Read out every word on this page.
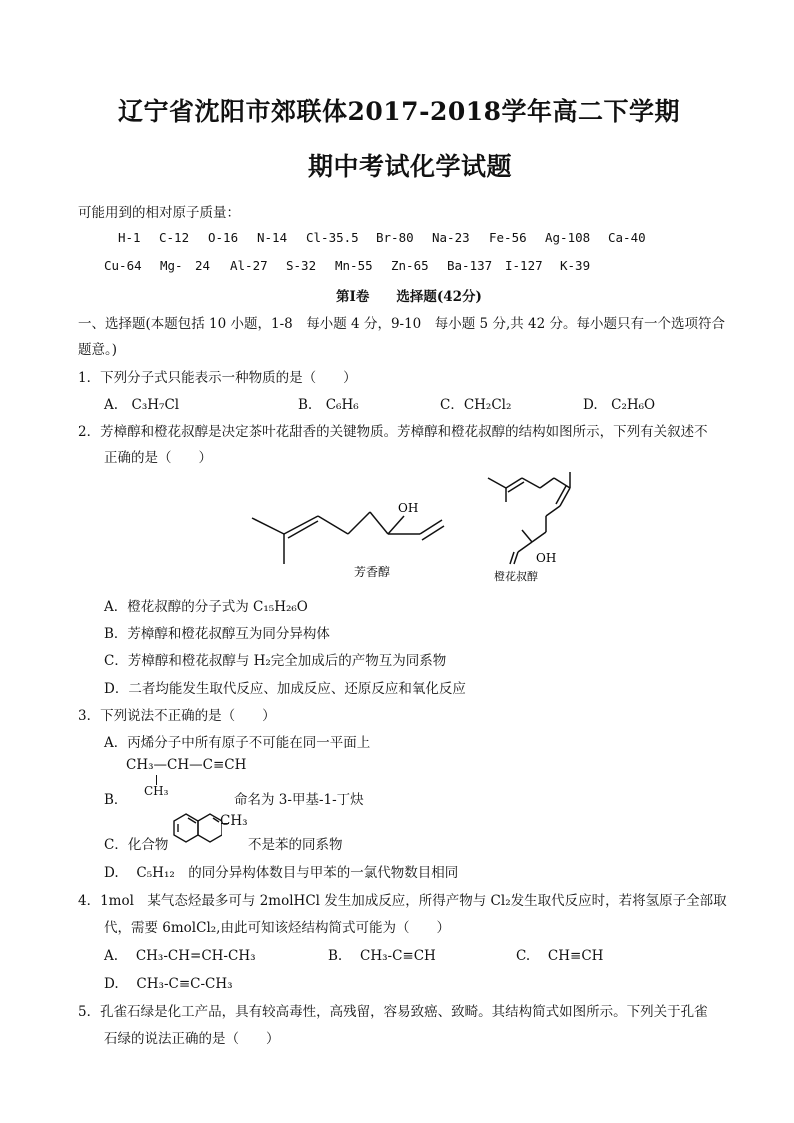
辽宁省沈阳市郊联体2017-2018学年高二下学期
期中考试化学试题
可能用到的相对原子质量：
H-1 C-12 O-16 N-14 Cl-35.5 Br-80 Na-23 Fe-56 Ag-108 Ca-40
Cu-64 Mg- 24 Al-27 S-32 Mn-55 Zn-65 Ba-137 I-127 K-39
第Ⅰ卷　　选择题(42分)
一、选择题(本题包括 10 小题，1-8　每小题 4 分，9-10　每小题 5 分,共 42 分。每小题只有一个选项符合
题意。)
1．下列分子式只能表示一种物质的是（　　）
A.　C₃H₇Cl	B.　C₆H₆	C．CH₂Cl₂	D.　C₂H₆O
2．芳樟醇和橙花叔醇是决定茶叶花甜香的关键物质。芳樟醇和橙花叔醇的结构如图所示，下列有关叙述不
正确的是（　　）
OH
芳香醇
OH
橙花叔醇
A．橙花叔醇的分子式为 C₁₅H₂₆O
B．芳樟醇和橙花叔醇互为同分异构体
C．芳樟醇和橙花叔醇与 H₂完全加成后的产物互为同系物
D．二者均能发生取代反应、加成反应、还原反应和氧化反应
3．下列说法不正确的是（　　）
A．丙烯分子中所有原子不可能在同一平面上
CH₃—CH—C≡CH
CH₃
B．	命名为 3-甲基-1-丁炔
C．化合物
CH₃
不是苯的同系物
D.　 C₅H₁₂　的同分异构体数目与甲苯的一氯代物数目相同
4．1mol　某气态烃最多可与 2molHCl 发生加成反应，所得产物与 Cl₂发生取代反应时，若将氢原子全部取
代，需要 6molCl₂,由此可知该烃结构简式可能为（　　）
A.　 CH₃-CH=CH-CH₃	B.　 CH₃-C≡CH	C.　 CH≡CH
D.　 CH₃-C≡C-CH₃
5．孔雀石绿是化工产品，具有较高毒性，高残留，容易致癌、致畸。其结构简式如图所示。下列关于孔雀
石绿的说法正确的是（　　）
